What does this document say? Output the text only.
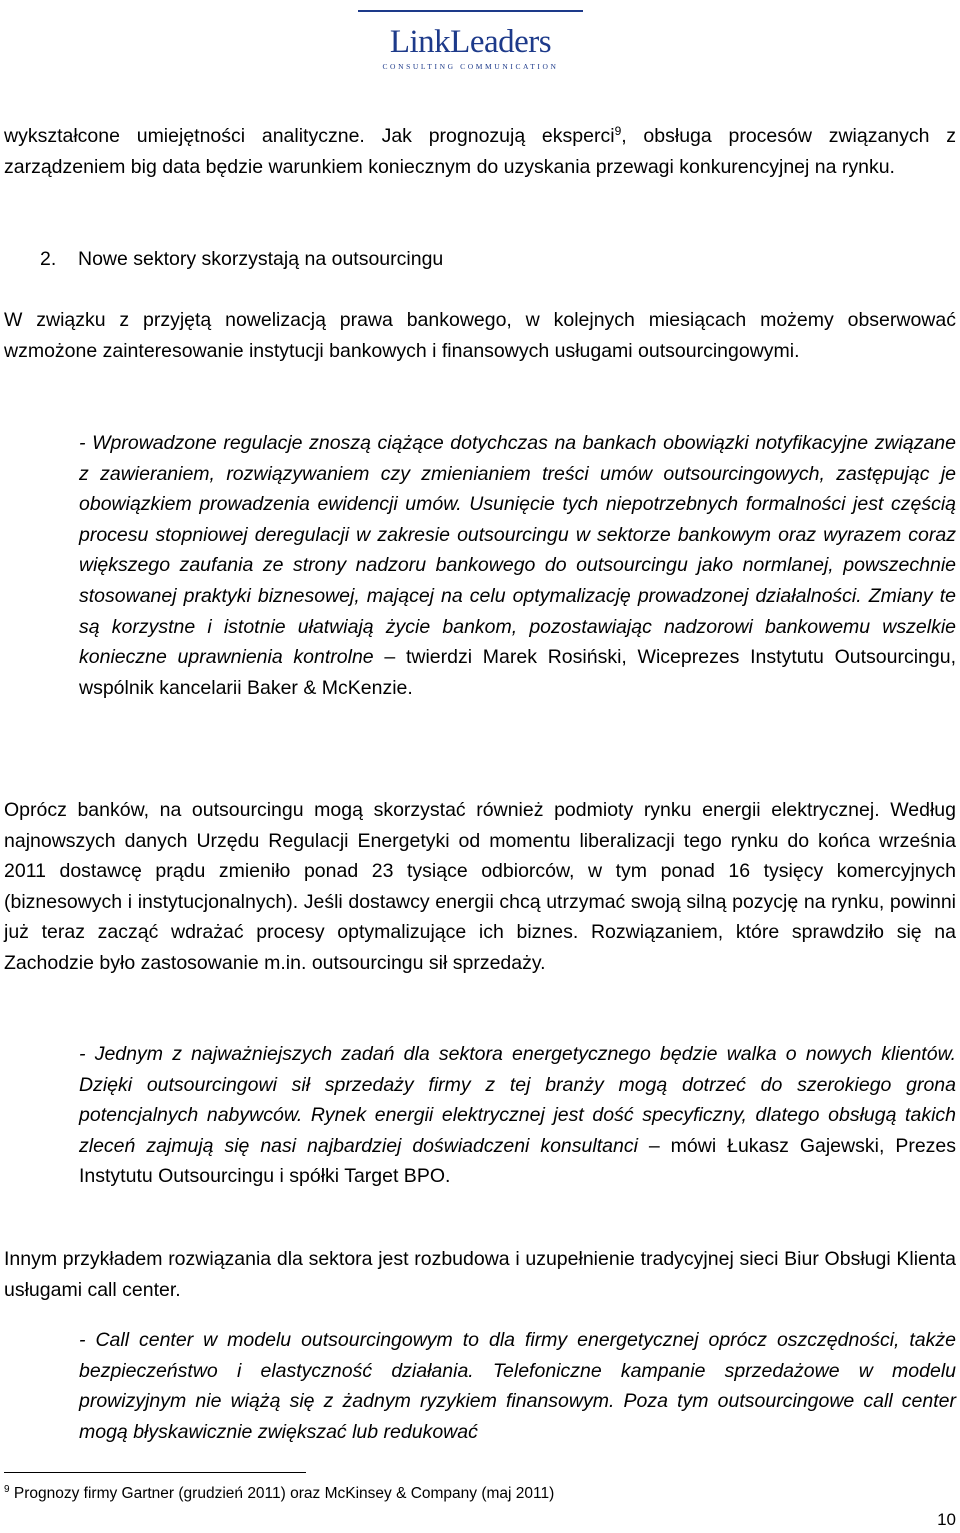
LinkLeaders
CONSULTING COMMUNICATION

wykształcone umiejętności analityczne. Jak prognozują eksperci$^9$, obsługa procesów związanych z zarządzeniem big data będzie warunkiem koniecznym do uzyskania przewagi konkurencyjnej na rynku.

2. Nowe sektory skorzystają na outsourcingu

W związku z przyjętą nowelizacją prawa bankowego, w kolejnych miesiącach możemy obserwować wzmożone zainteresowanie instytucji bankowych i finansowych usługami outsourcingowymi.

- Wprowadzone regulacje znoszą ciążące dotychczas na bankach obowiązki notyfikacyjne związane z zawieraniem, rozwiązywaniem czy zmienianiem treści umów outsourcingowych, zastępując je obowiązkiem prowadzenia ewidencji umów. Usunięcie tych niepotrzebnych formalności jest częścią procesu stopniowej deregulacji w zakresie outsourcingu w sektorze bankowym oraz wyrazem coraz większego zaufania ze strony nadzoru bankowego do outsourcingu jako normlanej, powszechnie stosowanej praktyki biznesowej, mającej na celu optymalizację prowadzonej działalności. Zmiany te są korzystne i istotnie ułatwiają życie bankom, pozostawiając nadzorowi bankowemu wszelkie konieczne uprawnienia kontrolne – twierdzi Marek Rosiński, Wiceprezes Instytutu Outsourcingu, wspólnik kancelarii Baker & McKenzie.

Oprócz banków, na outsourcingu mogą skorzystać również podmioty rynku energii elektrycznej. Według najnowszych danych Urzędu Regulacji Energetyki od momentu liberalizacji tego rynku do końca września 2011 dostawcę prądu zmieniło ponad 23 tysiące odbiorców, w tym ponad 16 tysięcy komercyjnych (biznesowych i instytucjonalnych). Jeśli dostawcy energii chcą utrzymać swoją silną pozycję na rynku, powinni już teraz zacząć wdrażać procesy optymalizujące ich biznes. Rozwiązaniem, które sprawdziło się na Zachodzie było zastosowanie m.in. outsourcingu sił sprzedaży.

- Jednym z najważniejszych zadań dla sektora energetycznego będzie walka o nowych klientów. Dzięki outsourcingowi sił sprzedaży firmy z tej branży mogą dotrzeć do szerokiego grona potencjalnych nabywców. Rynek energii elektrycznej jest dość specyficzny, dlatego obsługą takich zleceń zajmują się nasi najbardziej doświadczeni konsultanci – mówi Łukasz Gajewski, Prezes Instytutu Outsourcingu i spółki Target BPO.

Innym przykładem rozwiązania dla sektora jest rozbudowa i uzupełnienie tradycyjnej sieci Biur Obsługi Klienta usługami call center.

- Call center w modelu outsourcingowym to dla firmy energetycznej oprócz oszczędności, także bezpieczeństwo i elastyczność działania. Telefoniczne kampanie sprzedażowe w modelu prowizyjnym nie wiążą się z żadnym ryzykiem finansowym. Poza tym outsourcingowe call center mogą błyskawicznie zwiększać lub redukować

$^9$ Prognozy firmy Gartner (grudzień 2011) oraz McKinsey & Company (maj 2011)

10
